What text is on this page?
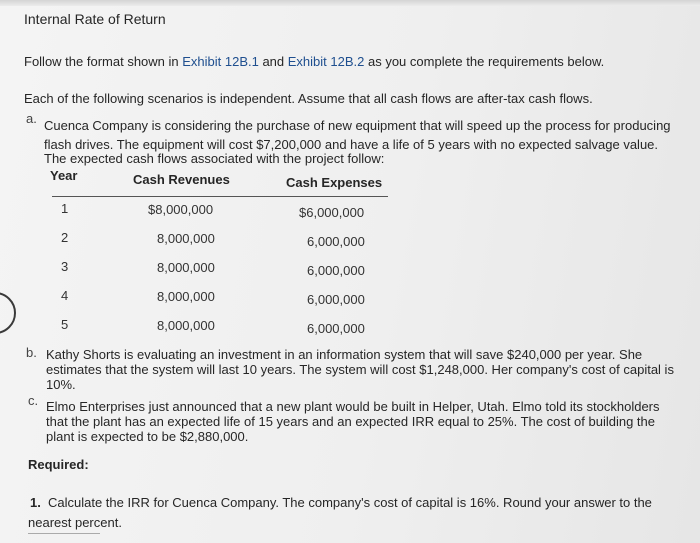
Internal Rate of Return
Follow the format shown in Exhibit 12B.1 and Exhibit 12B.2 as you complete the requirements below.
Each of the following scenarios is independent. Assume that all cash flows are after-tax cash flows.
a. Cuenca Company is considering the purchase of new equipment that will speed up the process for producing
flash drives. The equipment will cost $7,200,000 and have a life of 5 years with no expected salvage value.
The expected cash flows associated with the project follow:
Year	Cash Revenues	Cash Expenses
1	$8,000,000	$6,000,000
2	8,000,000	6,000,000
3	8,000,000	6,000,000
4	8,000,000	6,000,000
5	8,000,000	6,000,000
b. Kathy Shorts is evaluating an investment in an information system that will save $240,000 per year. She
estimates that the system will last 10 years. The system will cost $1,248,000. Her company's cost of capital is
10%.
c. Elmo Enterprises just announced that a new plant would be built in Helper, Utah. Elmo told its stockholders
that the plant has an expected life of 15 years and an expected IRR equal to 25%. The cost of building the
plant is expected to be $2,880,000.
Required:
1. Calculate the IRR for Cuenca Company. The company's cost of capital is 16%. Round your answer to the
nearest percent.
